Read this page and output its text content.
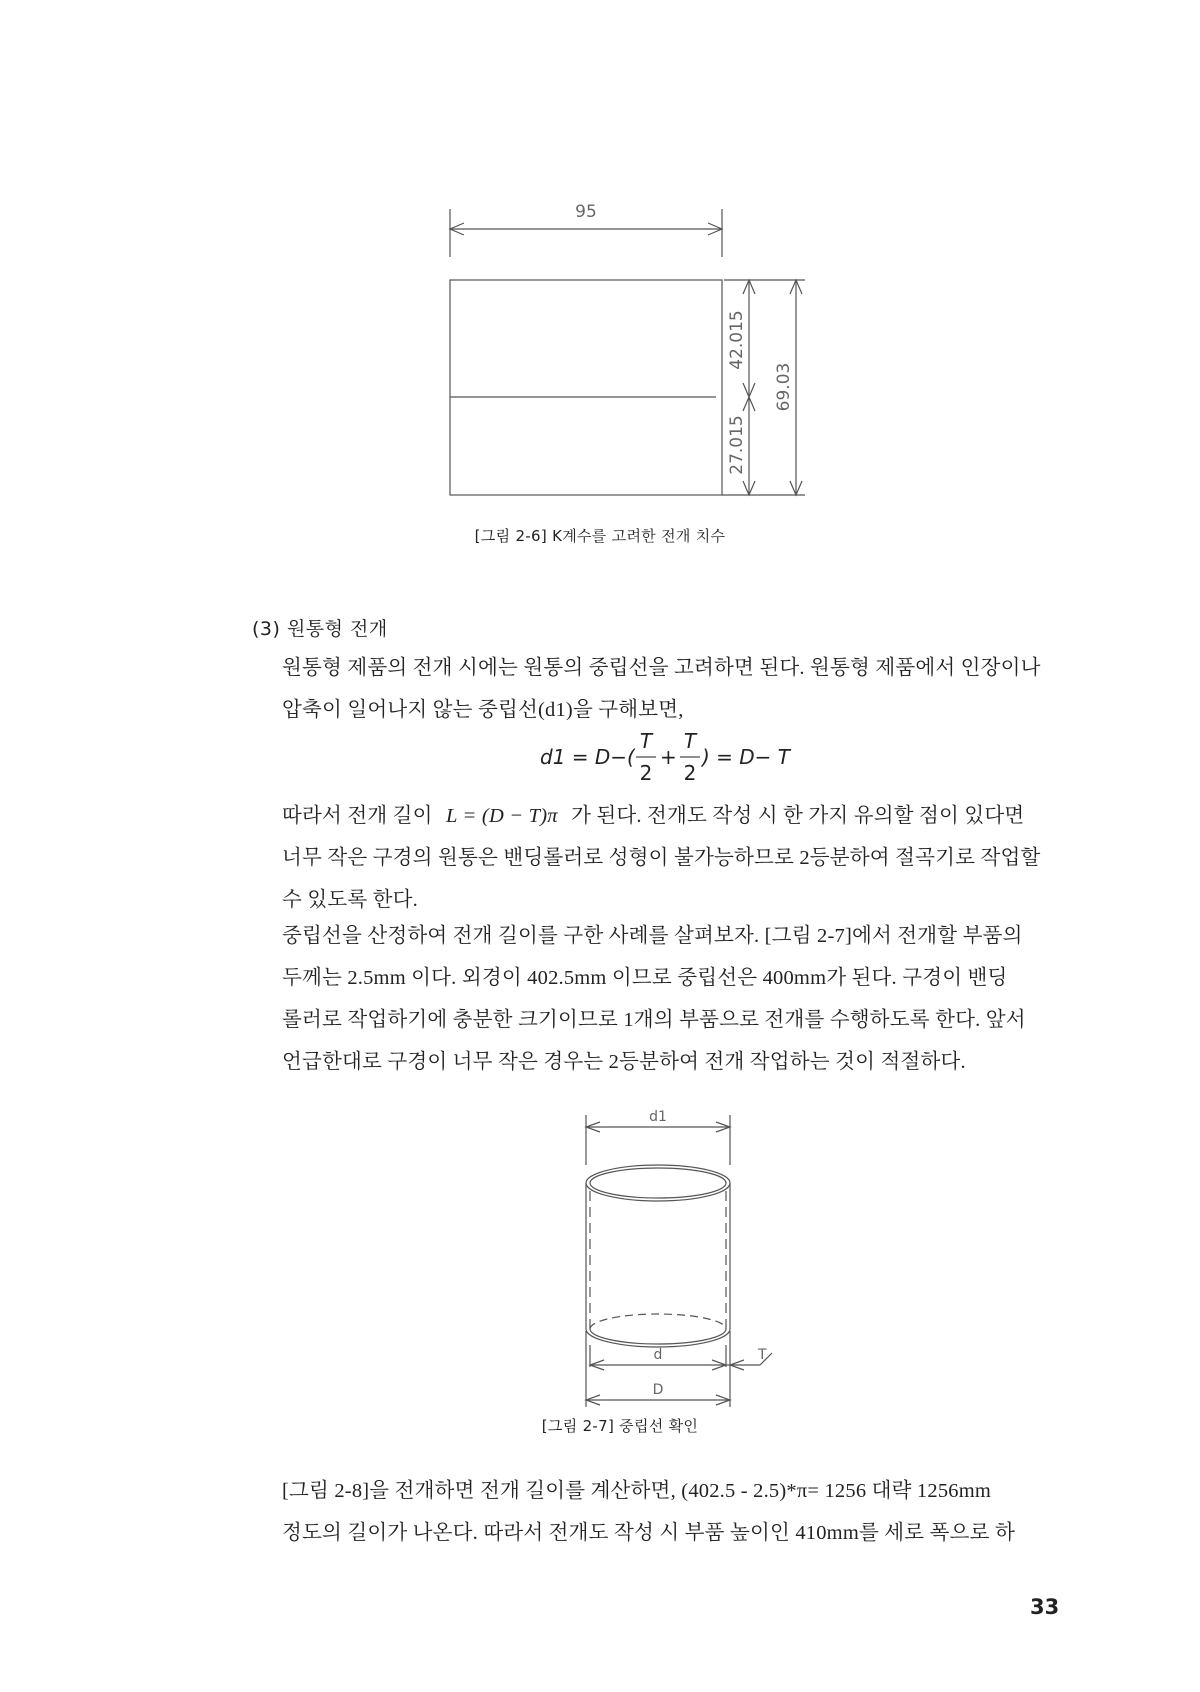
95
42.015
27.015
69.03
[그림 2-6] K계수를 고려한 전개 치수
(3) 원통형 전개
원통형 제품의 전개 시에는 원통의 중립선을 고려하면 된다. 원통형 제품에서 인장이나
압축이 일어나지 않는 중립선(d1)을 구해보면,
d1 = D−(
T
2
+
T
2
) = D− T
따라서 전개 길이 L = (D − T)π 가 된다. 전개도 작성 시 한 가지 유의할 점이 있다면
너무 작은 구경의 원통은 밴딩롤러로 성형이 불가능하므로 2등분하여 절곡기로 작업할
수 있도록 한다.
중립선을 산정하여 전개 길이를 구한 사례를 살펴보자. [그림 2-7]에서 전개할 부품의
두께는 2.5mm 이다. 외경이 402.5mm 이므로 중립선은 400mm가 된다. 구경이 밴딩
롤러로 작업하기에 충분한 크기이므로 1개의 부품으로 전개를 수행하도록 한다. 앞서
언급한대로 구경이 너무 작은 경우는 2등분하여 전개 작업하는 것이 적절하다.
d1
d
D
T
[그림 2-7] 중립선 확인
[그림 2-8]을 전개하면 전개 길이를 계산하면, (402.5 - 2.5)*π= 1256 대략 1256mm
정도의 길이가 나온다. 따라서 전개도 작성 시 부품 높이인 410mm를 세로 폭으로 하
33
